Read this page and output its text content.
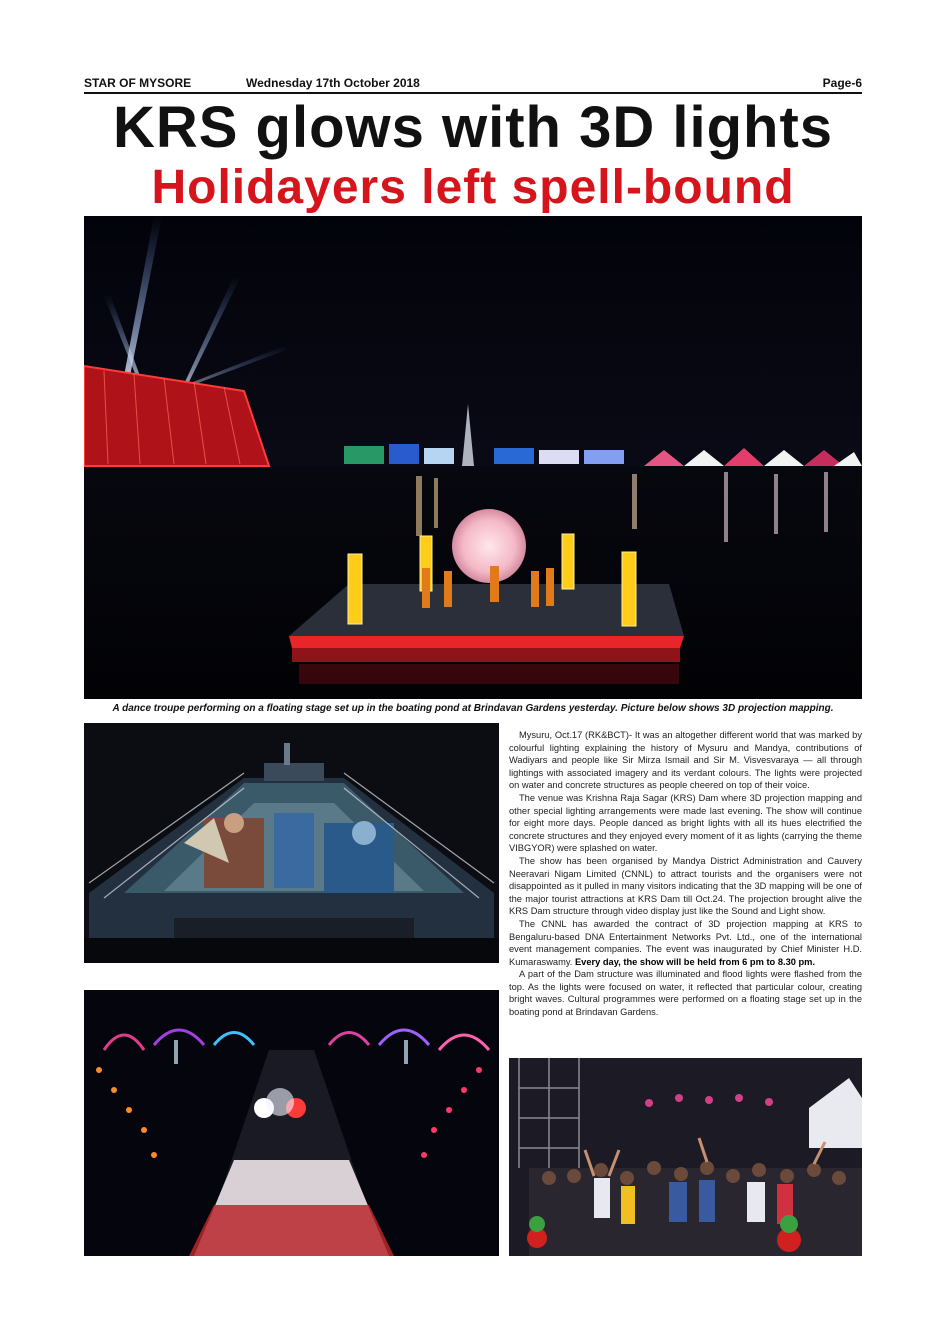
STAR OF MYSORE	Wednesday 17th October 2018	Page-6
KRS glows with 3D lights
Holidayers left spell-bound
A dance troupe performing on a floating stage set up in the boating pond at Brindavan Gardens yesterday. Picture below shows 3D projection mapping.

Mysuru, Oct.17 (RK&BCT)- It was an altogether different world that was marked by colourful lighting explaining the history of Mysuru and Mandya, contributions of Wadiyars and people like Sir Mirza Ismail and Sir M. Visvesvaraya — all through lightings with associated imagery and its verdant colours. The lights were projected on water and concrete structures as people cheered on top of their voice.

The venue was Krishna Raja Sagar (KRS) Dam where 3D projection mapping and other special lighting arrangements were made last evening. The show will continue for eight more days. People danced as bright lights with all its hues electrified the concrete structures and they enjoyed every moment of it as lights (carrying the theme VIBGYOR) were splashed on water.

The show has been organised by Mandya District Administration and Cauvery Neeravari Nigam Limited (CNNL) to attract tourists and the organisers were not disappointed as it pulled in many visitors indicating that the 3D mapping will be one of the major tourist attractions at KRS Dam till Oct.24. The projection brought alive the KRS Dam structure through video display just like the Sound and Light show.

The CNNL has awarded the contract of 3D projection mapping at KRS to Bengaluru-based DNA Entertainment Networks Pvt. Ltd., one of the international event management companies. The event was inaugurated by Chief Minister H.D. Kumaraswamy. Every day, the show will be held from 6 pm to 8.30 pm.

A part of the Dam structure was illuminated and flood lights were flashed from the top. As the lights were focused on water, it reflected that particular colour, creating bright waves. Cultural programmes were performed on a floating stage set up in the boating pond at Brindavan Gardens.
